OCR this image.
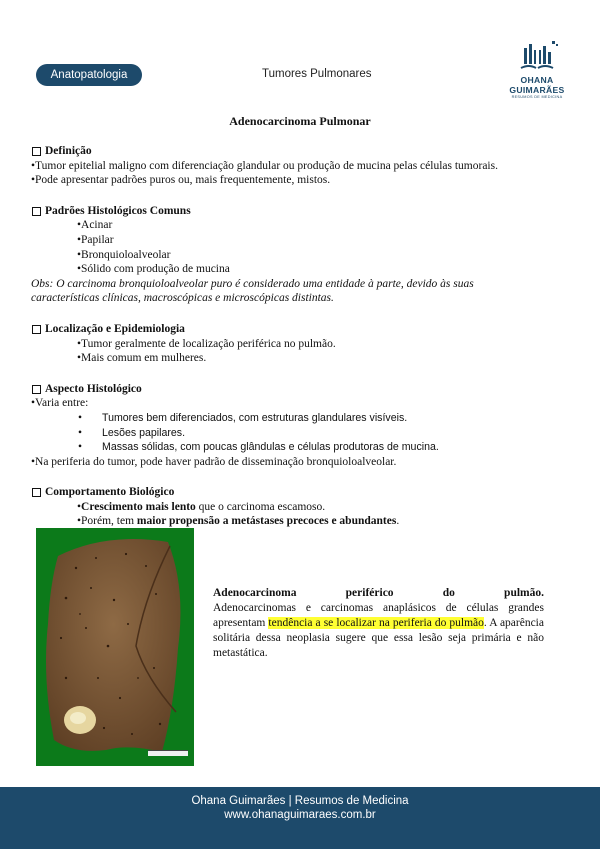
Anatopatologia	Tumores Pulmonares	OHANA GUIMARÃES
RESUMOS DE MEDICINA
Adenocarcinoma Pulmonar
Definição
•Tumor epitelial maligno com diferenciação glandular ou produção de mucina pelas células tumorais.
•Pode apresentar padrões puros ou, mais frequentemente, mistos.
Padrões Histológicos Comuns
•Acinar
•Papilar
•Bronquioloalveolar
•Sólido com produção de mucina
Obs: O carcinoma bronquioloalveolar puro é considerado uma entidade à parte, devido às suas
características clínicas, macroscópicas e microscópicas distintas.
Localização e Epidemiologia
•Tumor geralmente de localização periférica no pulmão.
•Mais comum em mulheres.
Aspecto Histológico
•Varia entre:
•	Tumores bem diferenciados, com estruturas glandulares visíveis.
•	Lesões papilares.
•	Massas sólidas, com poucas glândulas e células produtoras de mucina.
•Na periferia do tumor, pode haver padrão de disseminação bronquioloalveolar.
Comportamento Biológico
•Crescimento mais lento que o carcinoma escamoso.
•Porém, tem maior propensão a metástases precoces e abundantes.
Adenocarcinoma	periférico	do	pulmão.
Adenocarcinomas e carcinomas anaplásicos de células grandes apresentam tendência a se localizar na periferia do pulmão. A aparência solitária dessa neoplasia sugere que essa lesão seja primária e não metastática.
Ohana Guimarães | Resumos de Medicina
www.ohanaguimaraes.com.br
